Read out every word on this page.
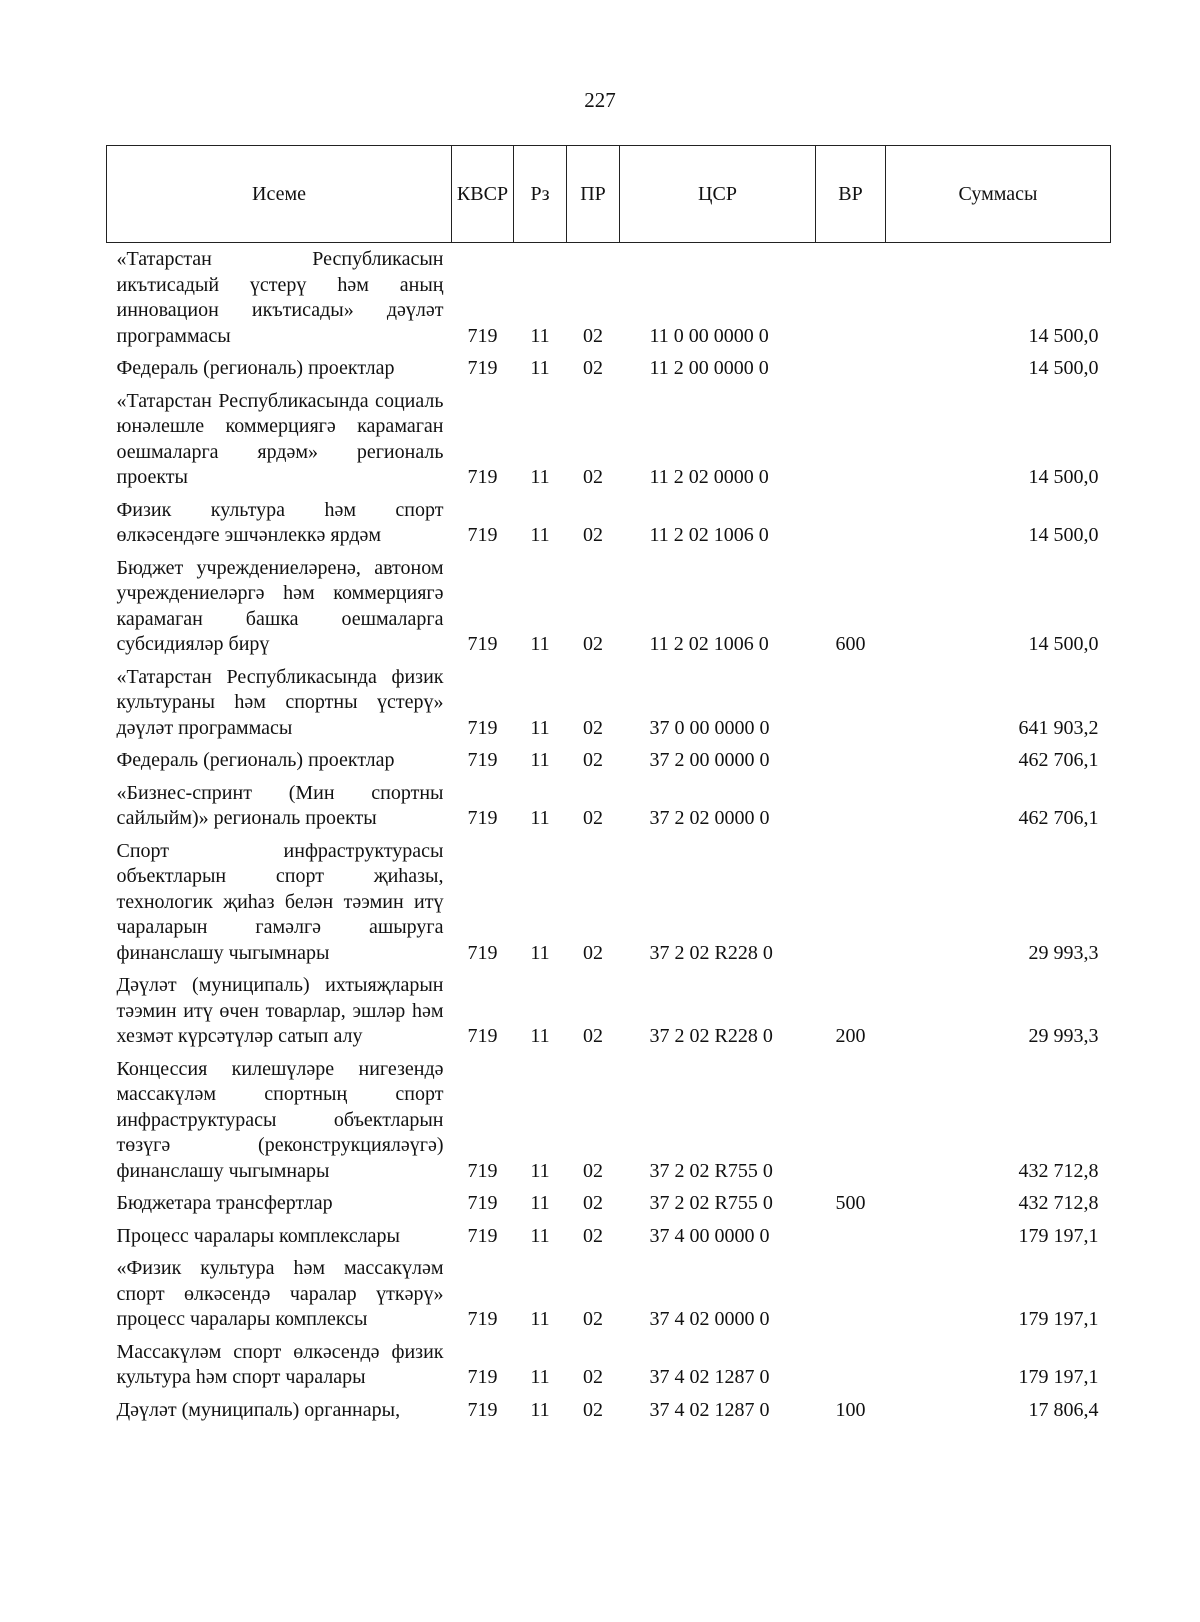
227
Исеме	КВСР	Рз	ПР	ЦСР	ВР	Суммасы
«Татарстан Республикасын икътисадый үстерү һәм аның инновацион икътисады» дәүләт программасы	719	11	02	11 0 00 0000 0		14 500,0
Федераль (региональ) проектлар	719	11	02	11 2 00 0000 0		14 500,0
«Татарстан Республикасында социаль юнәлешле коммерциягә карамаган оешмаларга ярдәм» региональ проекты	719	11	02	11 2 02 0000 0		14 500,0
Физик культура һәм спорт өлкәсендәге эшчәнлеккә ярдәм	719	11	02	11 2 02 1006 0		14 500,0
Бюджет учреждениеләренә, автоном учреждениеләргә һәм коммерциягә карамаган башка оешмаларга субсидияләр бирү	719	11	02	11 2 02 1006 0	600	14 500,0
«Татарстан Республикасында физик культураны һәм спортны үстерү» дәүләт программасы	719	11	02	37 0 00 0000 0		641 903,2
Федераль (региональ) проектлар	719	11	02	37 2 00 0000 0		462 706,1
«Бизнес-спринт (Мин спортны сайлыйм)» региональ проекты	719	11	02	37 2 02 0000 0		462 706,1
Спорт инфраструктурасы объектларын спорт җиһазы, технологик җиһаз белән тәэмин итү чараларын гамәлгә ашыруга финанслашу чыгымнары	719	11	02	37 2 02 R228 0		29 993,3
Дәүләт (муниципаль) ихтыяҗларын тәэмин итү өчен товарлар, эшләр һәм хезмәт күрсәтүләр сатып алу	719	11	02	37 2 02 R228 0	200	29 993,3
Концессия килешүләре нигезендә массакүләм спортның спорт инфраструктурасы объектларын төзүгә (реконструкцияләүгә) финанслашу чыгымнары	719	11	02	37 2 02 R755 0		432 712,8
Бюджетара трансфертлар	719	11	02	37 2 02 R755 0	500	432 712,8
Процесс чаралары комплекслары	719	11	02	37 4 00 0000 0		179 197,1
«Физик культура һәм массакүләм спорт өлкәсендә чаралар үткәрү» процесс чаралары комплексы	719	11	02	37 4 02 0000 0		179 197,1
Массакүләм спорт өлкәсендә физик культура һәм спорт чаралары	719	11	02	37 4 02 1287 0		179 197,1
Дәүләт (муниципаль) органнары,	719	11	02	37 4 02 1287 0	100	17 806,4
